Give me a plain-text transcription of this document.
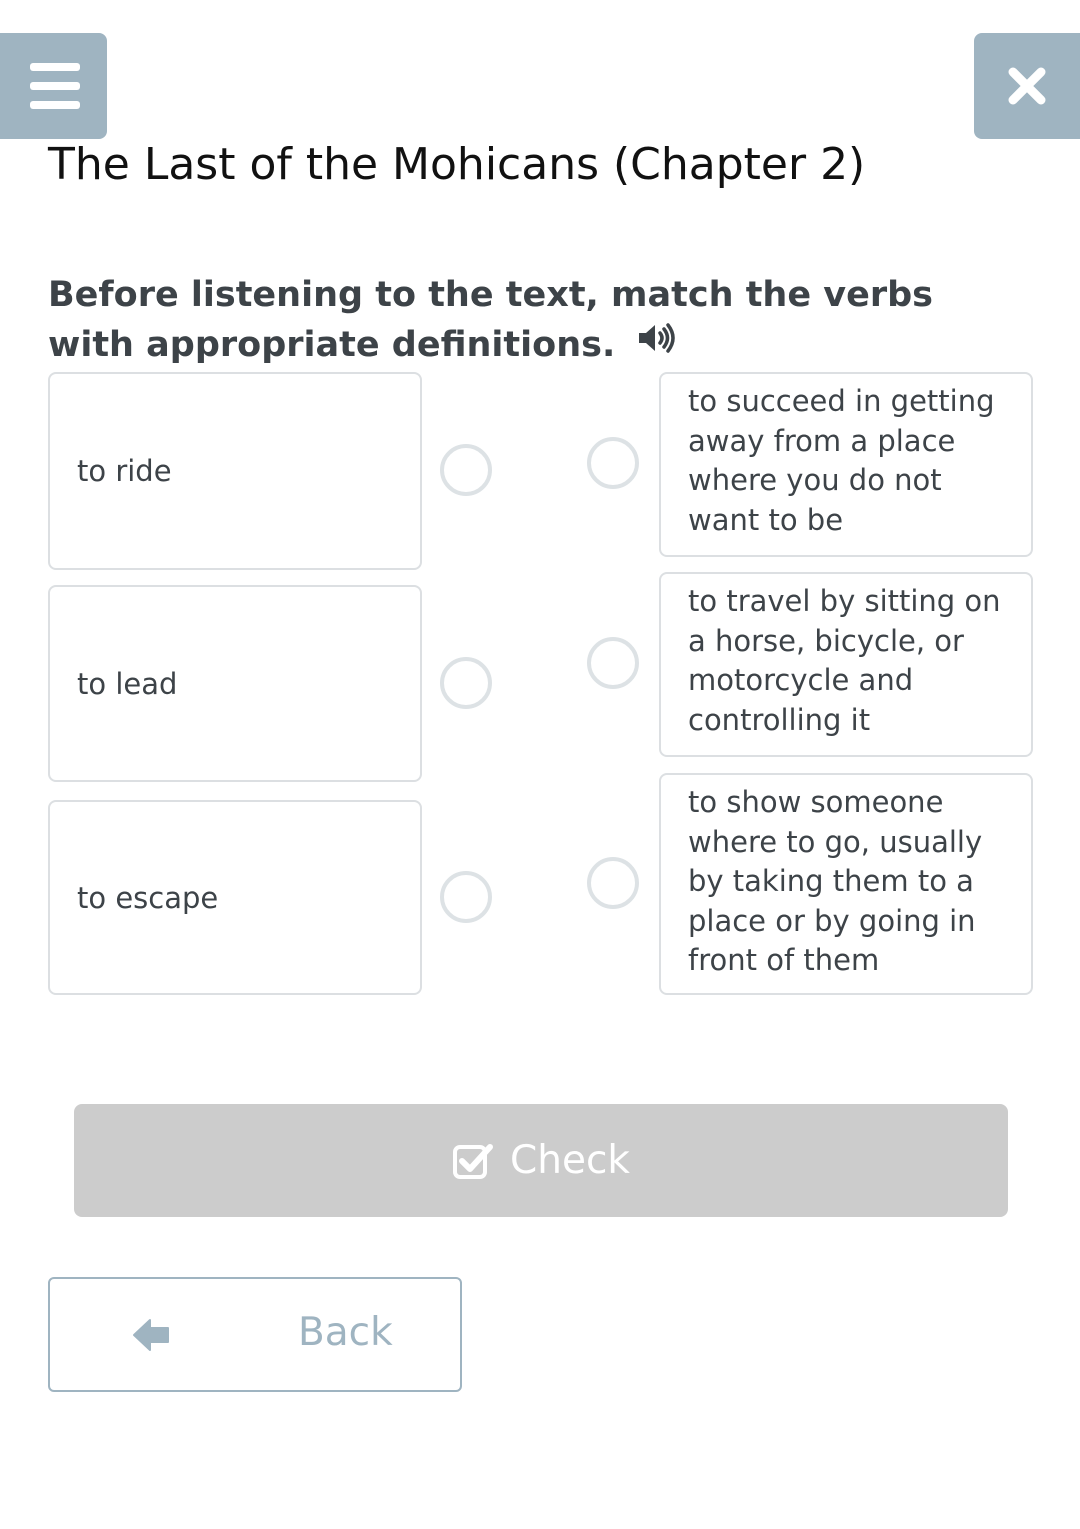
The Last of the Mohicans (Chapter 2)

Before listening to the text, match the verbs with appropriate definitions.

to ride
to lead
to escape
to succeed in getting away from a place where you do not want to be
to travel by sitting on a horse, bicycle, or motorcycle and controlling it
to show someone where to go, usually by taking them to a place or by going in front of them
Check
Back
